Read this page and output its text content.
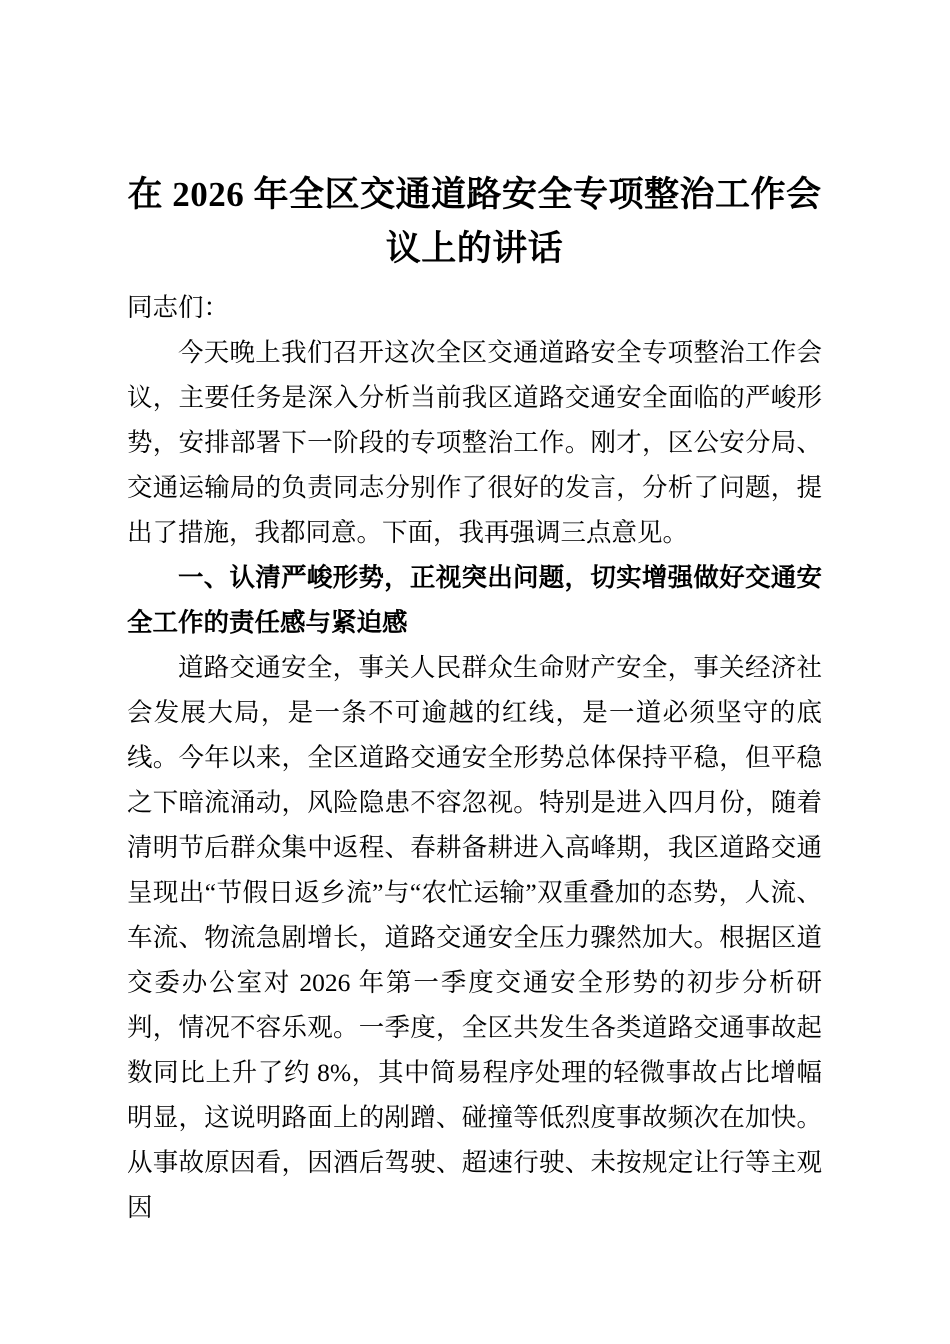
在 2026 年全区交通道路安全专项整治工作会议上的讲话

同志们：

今天晚上我们召开这次全区交通道路安全专项整治工作会议，主要任务是深入分析当前我区道路交通安全面临的严峻形势，安排部署下一阶段的专项整治工作。刚才，区公安分局、交通运输局的负责同志分别作了很好的发言，分析了问题，提出了措施，我都同意。下面，我再强调三点意见。

一、认清严峻形势，正视突出问题，切实增强做好交通安全工作的责任感与紧迫感

道路交通安全，事关人民群众生命财产安全，事关经济社会发展大局，是一条不可逾越的红线，是一道必须坚守的底线。今年以来，全区道路交通安全形势总体保持平稳，但平稳之下暗流涌动，风险隐患不容忽视。特别是进入四月份，随着清明节后群众集中返程、春耕备耕进入高峰期，我区道路交通呈现出“节假日返乡流”与“农忙运输”双重叠加的态势，人流、车流、物流急剧增长，道路交通安全压力骤然加大。根据区道交委办公室对 2026 年第一季度交通安全形势的初步分析研判，情况不容乐观。一季度，全区共发生各类道路交通事故起数同比上升了约 8%，其中简易程序处理的轻微事故占比增幅明显，这说明路面上的剐蹭、碰撞等低烈度事故频次在加快。从事故原因看，因酒后驾驶、超速行驶、未按规定让行等主观因
